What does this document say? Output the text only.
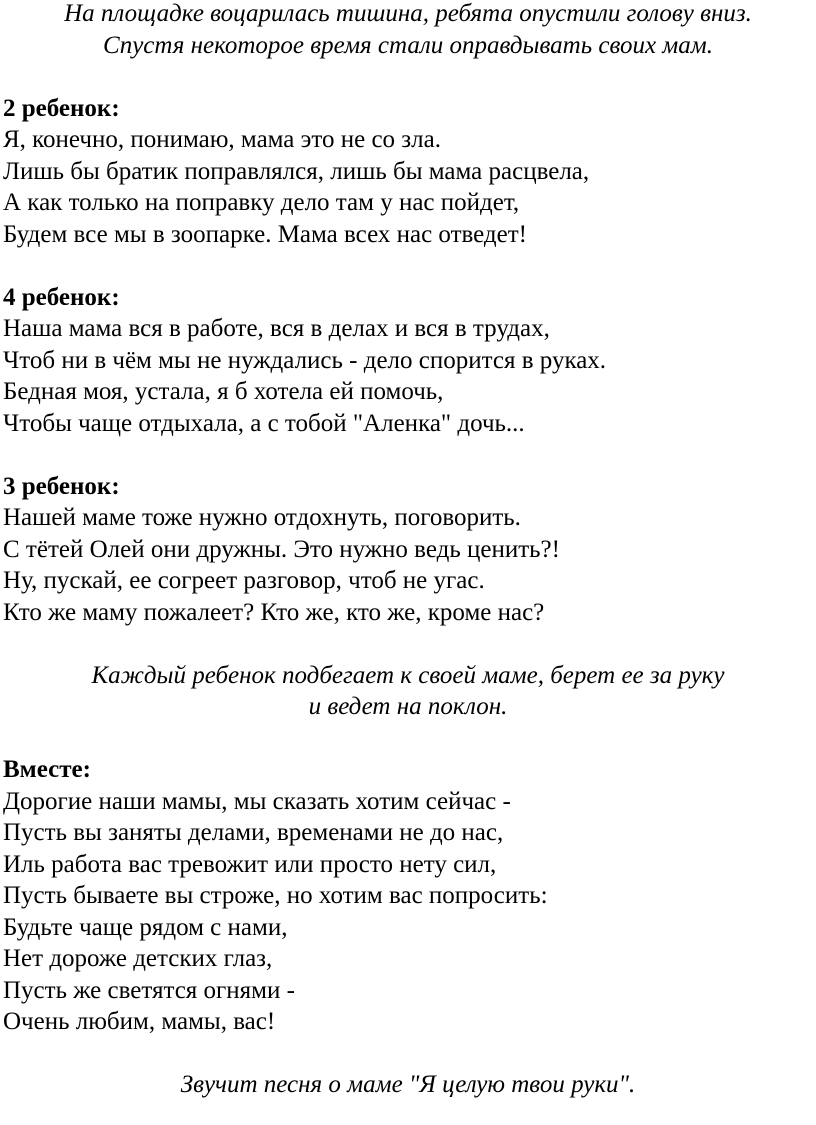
На площадке воцарилась тишина, ребята опустили голову вниз.

Спустя некоторое время стали оправдывать своих мам.

2 ребенок:

Я, конечно, понимаю, мама это не со зла.

Лишь бы братик поправлялся, лишь бы мама расцвела,

А как только на поправку дело там у нас пойдет,

Будем все мы в зоопарке. Мама всех нас отведет!

4 ребенок:

Наша мама вся в работе, вся в делах и вся в трудах,

Чтоб ни в чём мы не нуждались - дело спорится в руках.

Бедная моя, устала, я б хотела ей помочь,

Чтобы чаще отдыхала, а с тобой "Аленка" дочь...

3 ребенок:

Нашей маме тоже нужно отдохнуть, поговорить.

С тётей Олей они дружны. Это нужно ведь ценить?!

Ну, пускай, ее согреет разговор, чтоб не угас.

Кто же маму пожалеет? Кто же, кто же, кроме нас?

Каждый ребенок подбегает к своей маме, берет ее за руку

и ведет на поклон.

Вместе:

Дорогие наши мамы, мы сказать хотим сейчас -

Пусть вы заняты делами, временами не до нас,

Иль работа вас тревожит или просто нету сил,

Пусть бываете вы строже, но хотим вас попросить:

Будьте чаще рядом с нами,

Нет дороже детских глаз,

Пусть же светятся огнями -

Очень любим, мамы, вас!

Звучит песня о маме "Я целую твои руки".
